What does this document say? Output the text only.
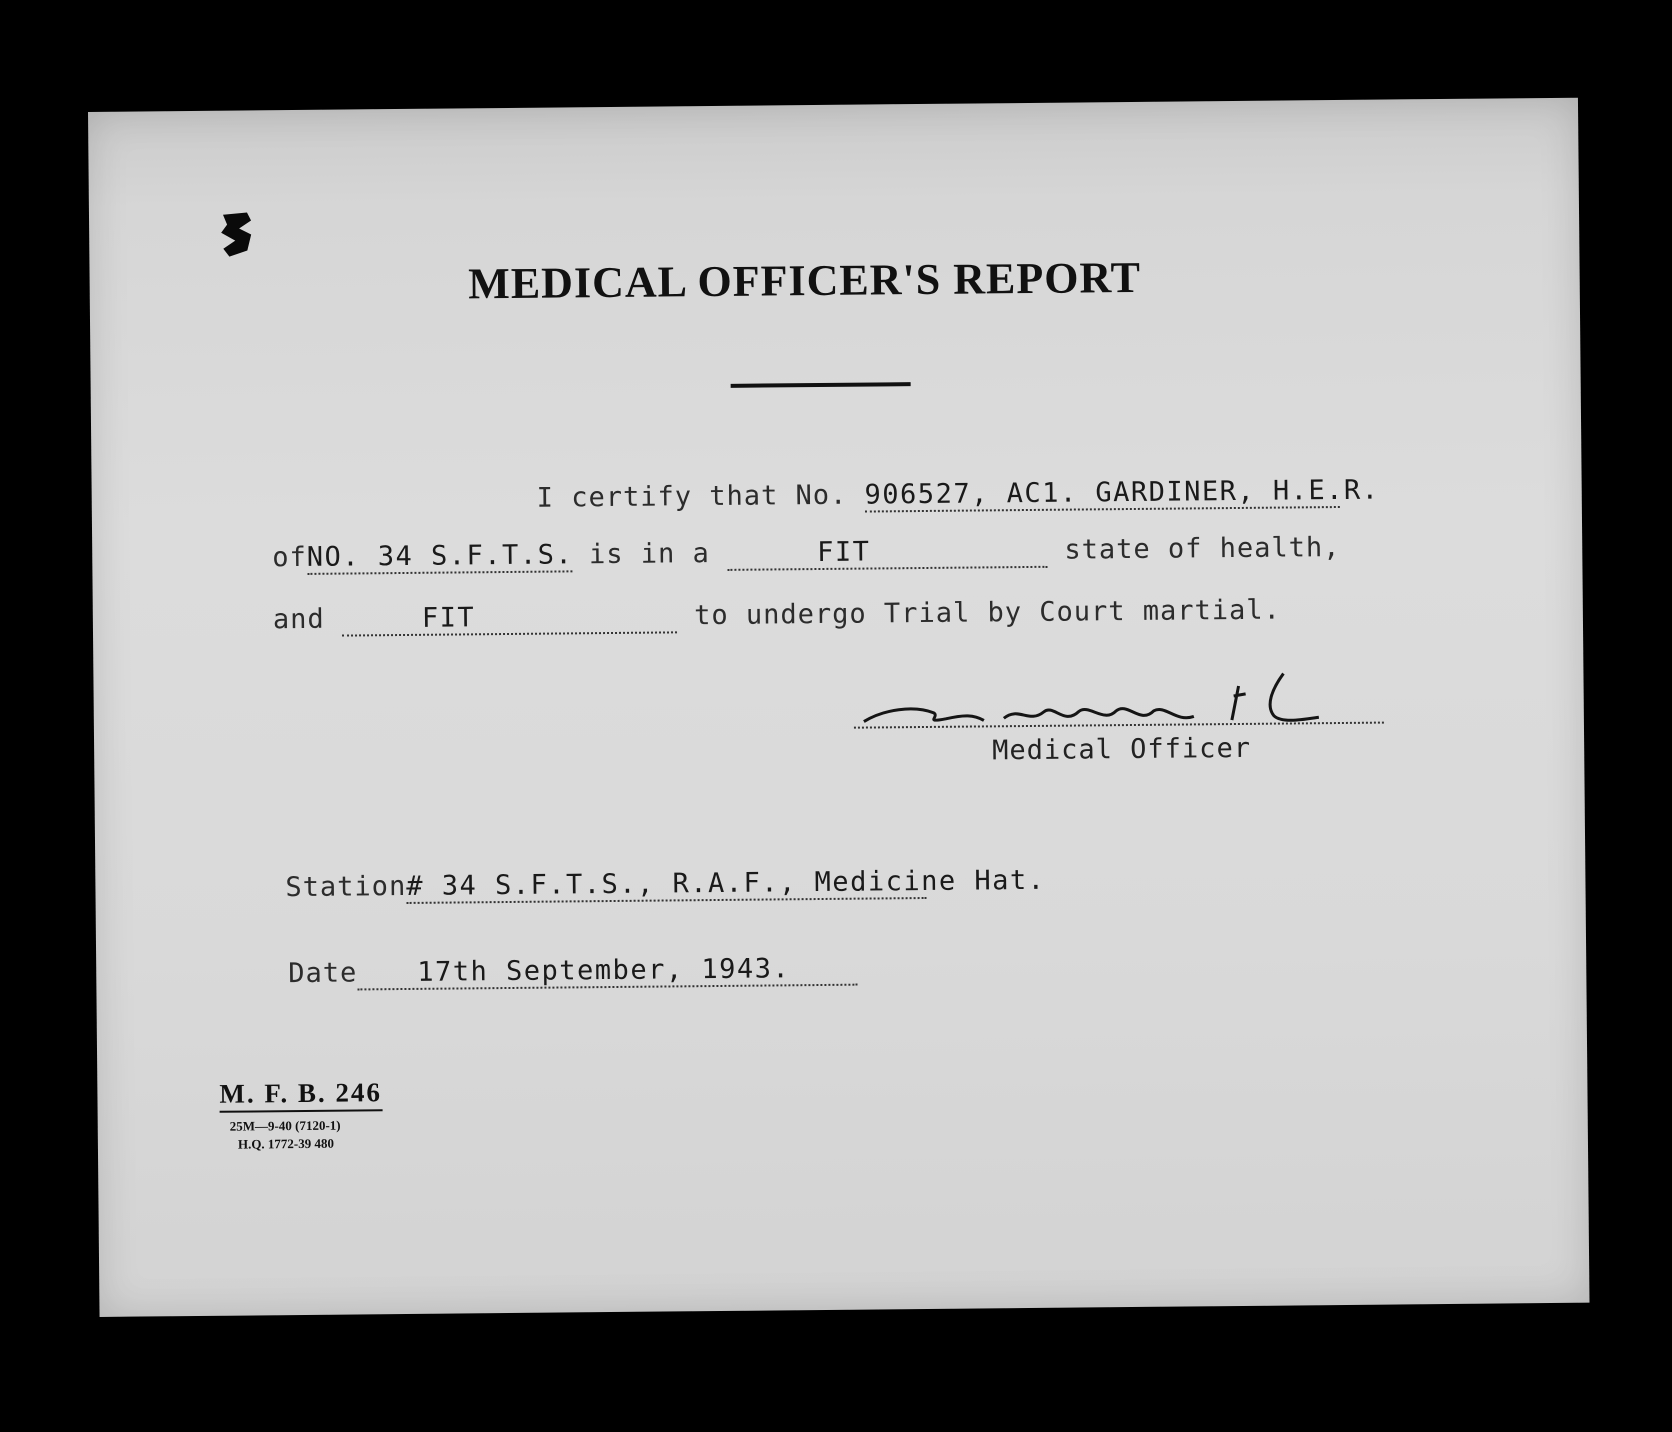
MEDICAL OFFICER'S REPORT
I certify that No. 906527, AC1. GARDINER, H.E.R.
ofNO. 34 S.F.T.S. is in a	FIT	state of health,
and	FIT	to undergo Trial by Court martial.
Medical Officer
Station# 34 S.F.T.S., R.A.F., Medicine Hat.
Date 17th September, 1943.
M. F. B. 246
25M—9-40 (7120-1)
H.Q. 1772-39 480
